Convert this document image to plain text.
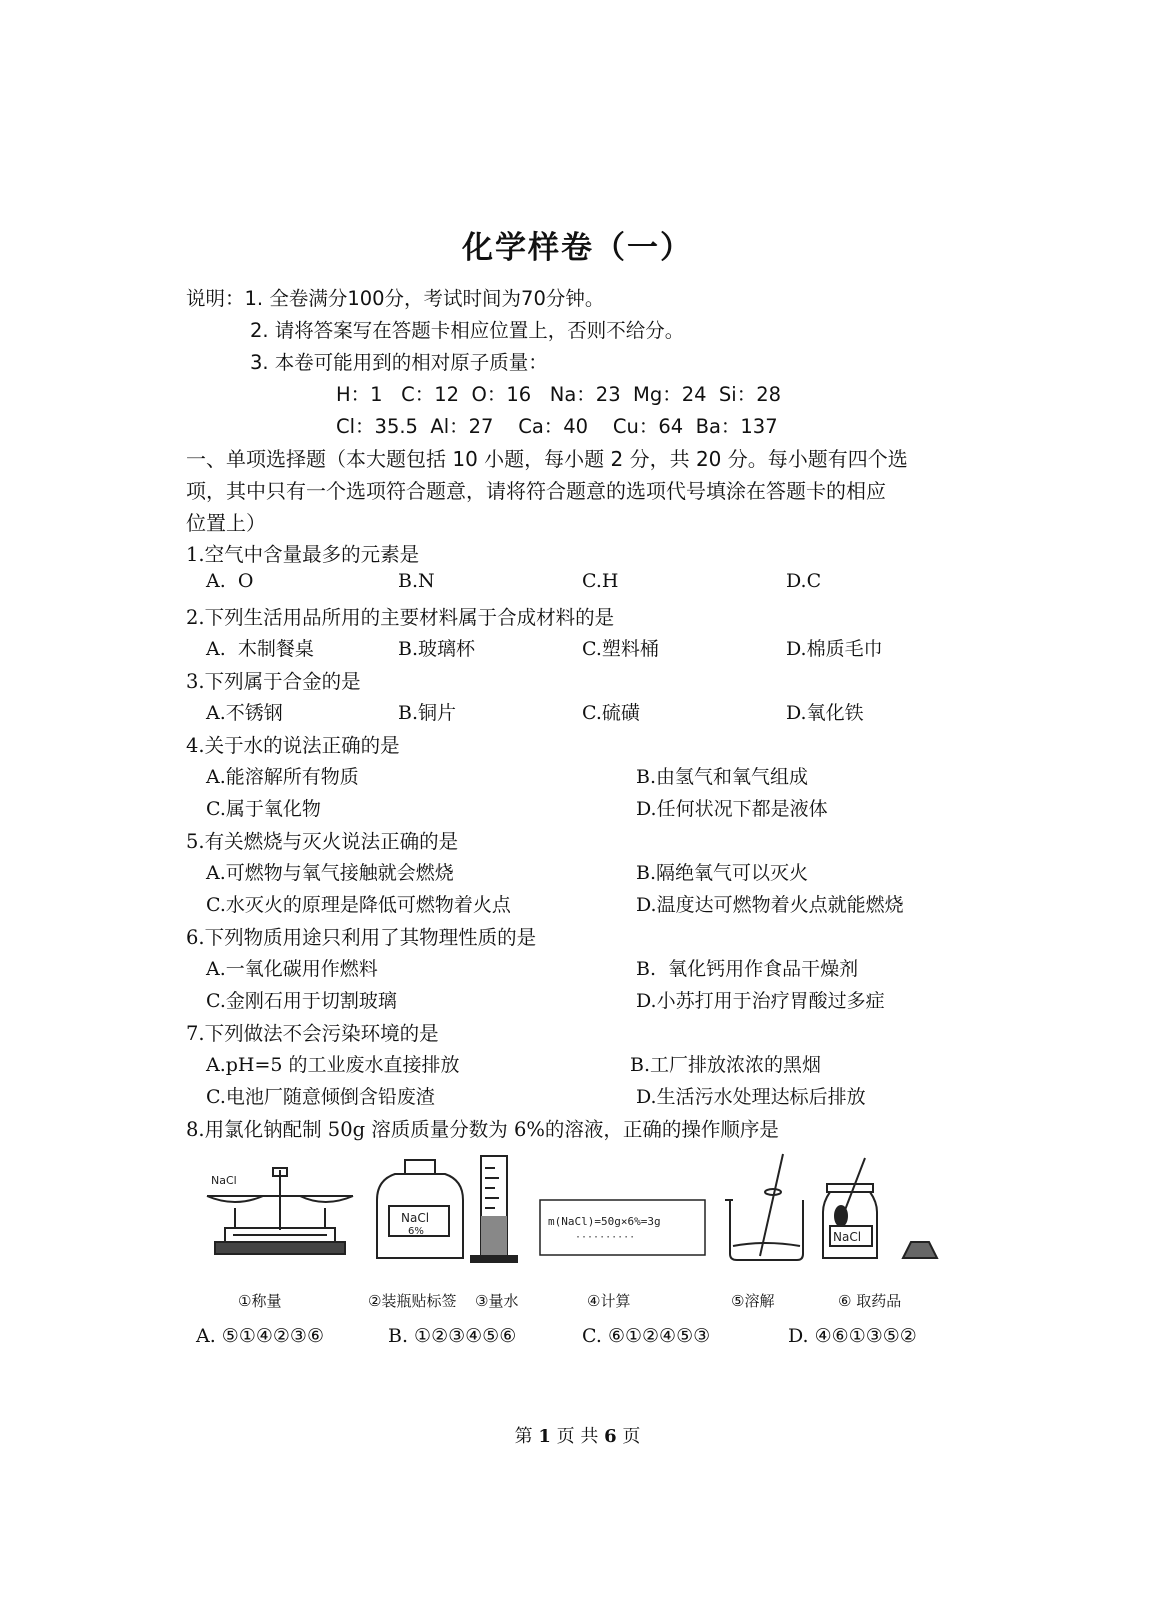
化学样卷（一）
说明：1. 全卷满分100分，考试时间为70分钟。
2. 请将答案写在答题卡相应位置上，否则不给分。
3. 本卷可能用到的相对原子质量：
H：1   C：12  O：16   Na：23  Mg：24  Si：28
Cl：35.5  Al：27    Ca：40    Cu：64  Ba：137
一、单项选择题（本大题包括 10 小题，每小题 2 分，共 20 分。每小题有四个选
项，其中只有一个选项符合题意，请将符合题意的选项代号填涂在答题卡的相应
位置上）
1.空气中含量最多的元素是
A.  O	B.N	C.H	D.C
2.下列生活用品所用的主要材料属于合成材料的是
A.  木制餐桌	B.玻璃杯	C.塑料桶	D.棉质毛巾
3.下列属于合金的是
A.不锈钢	B.铜片	C.硫磺	D.氧化铁
4.关于水的说法正确的是
A.能溶解所有物质	B.由氢气和氧气组成
C.属于氧化物	D.任何状况下都是液体
5.有关燃烧与灭火说法正确的是
A.可燃物与氧气接触就会燃烧	B.隔绝氧气可以灭火
C.水灭火的原理是降低可燃物着火点	D.温度达可燃物着火点就能燃烧
6.下列物质用途只利用了其物理性质的是
A.一氧化碳用作燃料	B.  氧化钙用作食品干燥剂
C.金刚石用于切割玻璃	D.小苏打用于治疗胃酸过多症
7.下列做法不会污染环境的是
A.pH=5 的工业废水直接排放	B.工厂排放浓浓的黑烟
C.电池厂随意倾倒含铅废渣	D.生活污水处理达标后排放
8.用氯化钠配制 50g 溶质质量分数为 6%的溶液，正确的操作顺序是
NaCl
NaCl
6%
m(NaCl)=50g×6%=3g
··········	NaCl
①称量	②装瓶贴标签 ③量水	④计算	⑤溶解	⑥ 取药品
A. ⑤①④②③⑥	B. ①②③④⑤⑥	C. ⑥①②④⑤③	D. ④⑥①③⑤②
第 1 页 共 6 页
